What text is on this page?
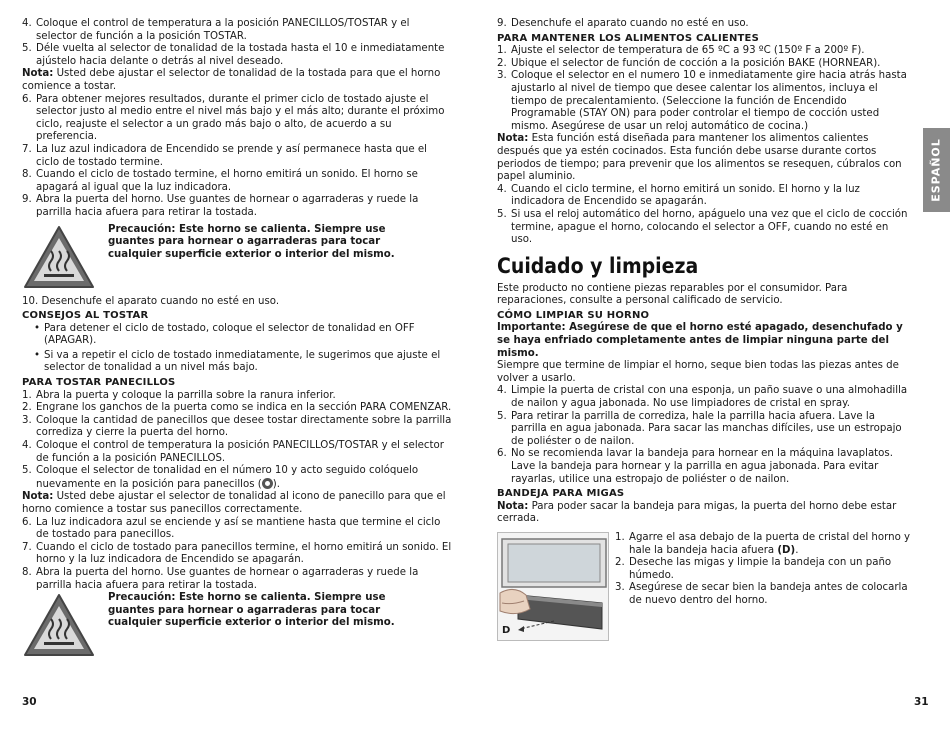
4. Coloque el control de temperatura a la posición PANECILLOS/TOSTAR y el selector de función a la posición TOSTAR.
5. Déle vuelta al selector de tonalidad de la tostada hasta el 10 e inmediatamente ajústelo hacia delante o detrás al nivel deseado.

Nota: Usted debe ajustar el selector de tonalidad de la tostada para que el horno comience a tostar.

6. Para obtener mejores resultados, durante el primer ciclo de tostado ajuste el selector justo al medio entre el nivel más bajo y el más alto; durante el próximo ciclo, reajuste el selector a un grado más bajo o alto, de acuerdo a su preferencia.
7. La luz azul indicadora de Encendido se prende y así permanece hasta que el ciclo de tostado termine.
8. Cuando el ciclo de tostado termine, el horno emitirá un sonido. El horno se apagará al igual que la luz indicadora.
9. Abra la puerta del horno. Use guantes de hornear o agarraderas y ruede la parrilla hacia afuera para retirar la tostada.
Precaución: Este horno se calienta. Siempre use guantes para hornear o agarraderas para tocar cualquier superficie exterior o interior del mismo.

10. Desenchufe el aparato cuando no esté en uso.

CONSEJOS AL TOSTAR

• Para detener el ciclo de tostado, coloque el selector de tonalidad en OFF (APAGAR).
• Si va a repetir el ciclo de tostado inmediatamente, le sugerimos que ajuste el selector de tonalidad a un nivel más bajo.

PARA TOSTAR PANECILLOS

1. Abra la puerta y coloque la parrilla sobre la ranura inferior.
2. Engrane los ganchos de la puerta como se indica en la sección PARA COMENZAR.
3. Coloque la cantidad de panecillos que desee tostar directamente sobre la parrilla corrediza y cierre la puerta del horno.
4. Coloque el control de temperatura la posición PANECILLOS/TOSTAR y el selector de función a la posición PANECILLOS.
5. Coloque el selector de tonalidad en el número 10 y acto seguido colóquelo nuevamente en la posición para panecillos ( ).

Nota: Usted debe ajustar el selector de tonalidad al icono de panecillo para que el horno comience a tostar sus panecillos correctamente.

6. La luz indicadora azul se enciende y así se mantiene hasta que termine el ciclo de tostado para panecillos.
7. Cuando el ciclo de tostado para panecillos termine, el horno emitirá un sonido. El horno y la luz indicadora de Encendido se apagarán.
8. Abra la puerta del horno. Use guantes de hornear o agarraderas y ruede la parrilla hacia afuera para retirar la tostada.
Precaución: Este horno se calienta. Siempre use guantes para hornear o agarraderas para tocar cualquier superficie exterior o interior del mismo.
30
9. Desenchufe el aparato cuando no esté en uso.

PARA MANTENER LOS ALIMENTOS CALIENTES

1. Ajuste el selector de temperatura de 65 ºC a 93 ºC (150º F a 200º F).
2. Ubique el selector de función de cocción a la posición BAKE (HORNEAR).
3. Coloque el selector en el numero 10 e inmediatamente gire hacia atrás hasta ajustarlo al nivel de tiempo que desee calentar los alimentos, incluya el tiempo de precalentamiento. (Seleccione la función de Encendido Programable (STAY ON) para poder controlar el tiempo de cocción usted mismo. Asegúrese de usar un reloj automático de cocina.)

Nota: Esta función está diseñada para mantener los alimentos calientes después que ya estén cocinados. Esta función debe usarse durante cortos periodos de tiempo; para prevenir que los alimentos se resequen, cúbralos con papel aluminio.

4. Cuando el ciclo termine, el horno emitirá un sonido. El horno y la luz indicadora de Encendido se apagarán.
5. Si usa el reloj automático del horno, apáguelo una vez que el ciclo de cocción termine, apague el horno, colocando el selector a OFF, cuando no esté en uso.
Cuidado y limpieza

Este producto no contiene piezas reparables por el consumidor. Para reparaciones, consulte a personal calificado de servicio.

CÓMO LIMPIAR SU HORNO

Importante: Asegúrese de que el horno esté apagado, desenchufado y se haya enfriado completamente antes de limpiar ninguna parte del mismo.

Siempre que termine de limpiar el horno, seque bien todas las piezas antes de volver a usarlo.

4. Limpie la puerta de cristal con una esponja, un paño suave o una almohadilla de nailon y agua jabonada. No use limpiadores de cristal en spray.
5. Para retirar la parrilla de corrediza, hale la parrilla hacia afuera. Lave la parrilla en agua jabonada. Para sacar las manchas difíciles, use un estropajo de poliéster o de nailon.
6. No se recomienda lavar la bandeja para hornear en la máquina lavaplatos. Lave la bandeja para hornear y la parrilla en agua jabonada. Para evitar rayarlas, utilice una estropajo de poliéster o de nailon.

BANDEJA PARA MIGAS

Nota: Para poder sacar la bandeja para migas, la puerta del horno debe estar cerrada.

D
1. Agarre el asa debajo de la puerta de cristal del horno y hale la bandeja hacia afuera (D).
2. Deseche las migas y limpie la bandeja con un paño húmedo.
3. Asegúrese de secar bien la bandeja antes de colocarla de nuevo dentro del horno.
31
ESPAÑOL
